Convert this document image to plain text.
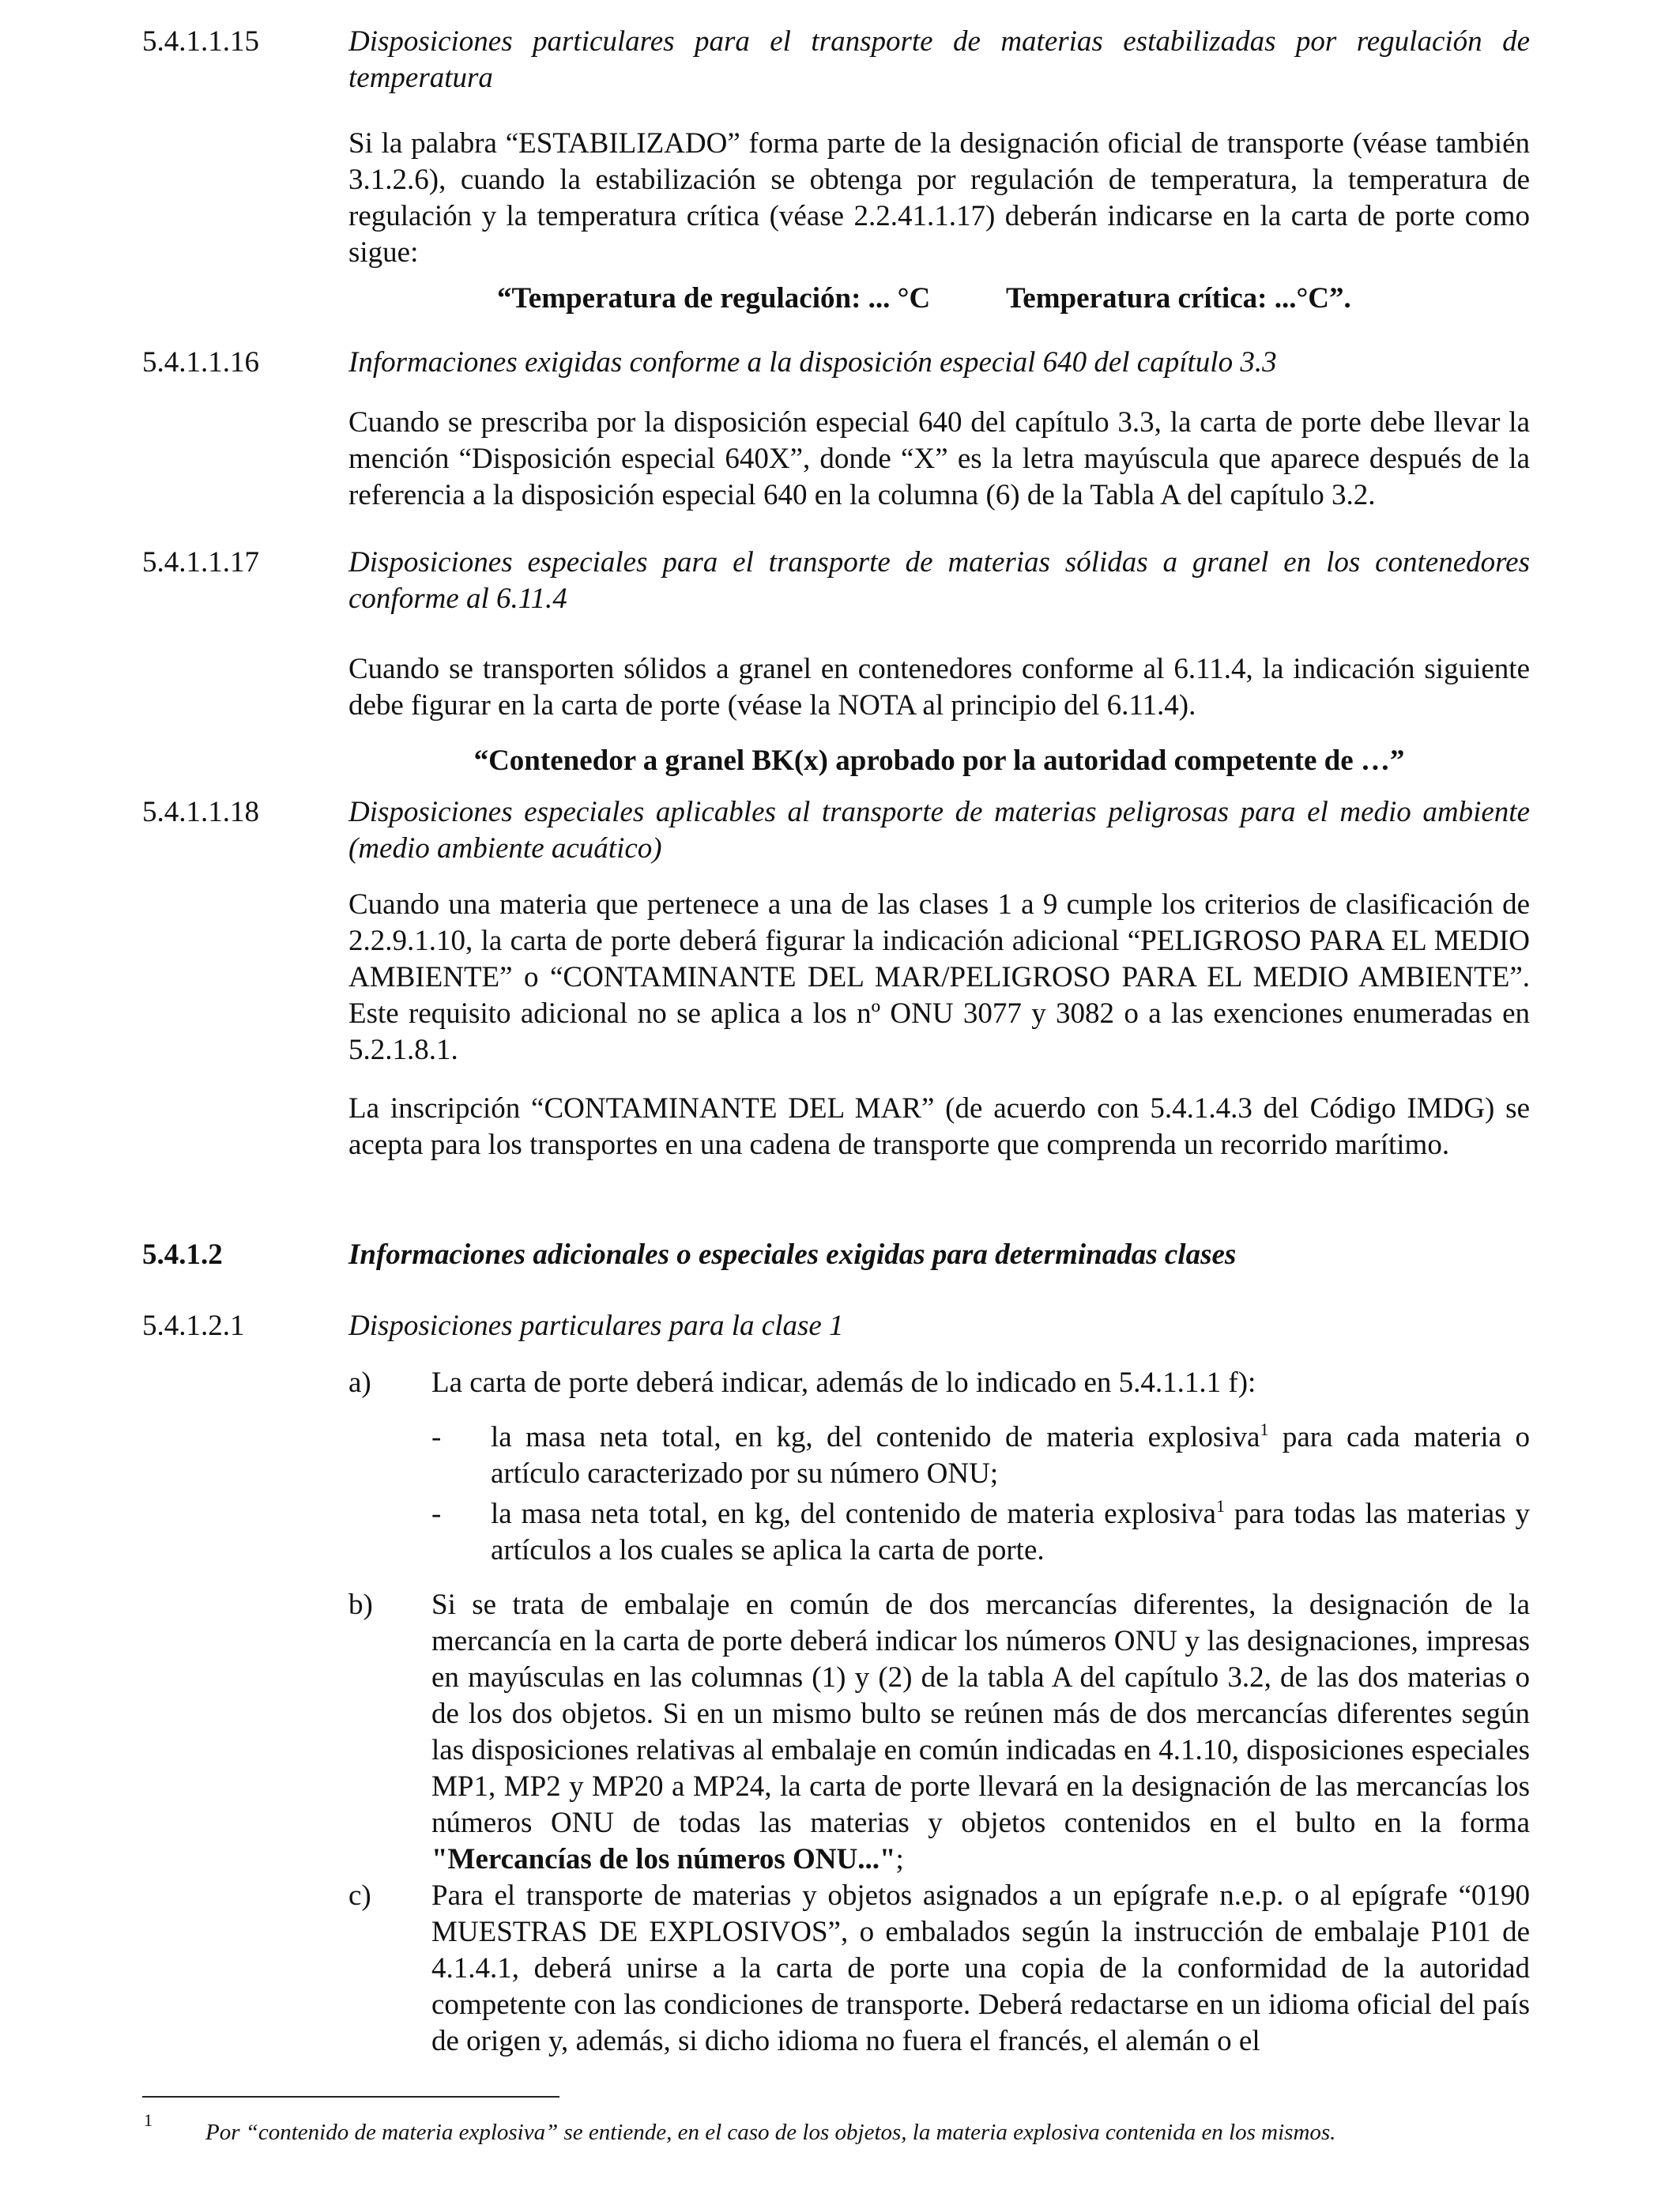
5.4.1.1.15	Disposiciones particulares para el transporte de materias estabilizadas por regulación de temperatura
Si la palabra “ESTABILIZADO” forma parte de la designación oficial de transporte (véase también 3.1.2.6), cuando la estabilización se obtenga por regulación de temperatura, la temperatura de regulación y la temperatura crítica (véase 2.2.41.1.17) deberán indicarse en la carta de porte como sigue:
“Temperatura de regulación: ... °C	Temperatura crítica: ...°C”.
5.4.1.1.16	Informaciones exigidas conforme a la disposición especial 640 del capítulo 3.3
Cuando se prescriba por la disposición especial 640 del capítulo 3.3, la carta de porte debe llevar la mención “Disposición especial 640X”, donde “X” es la letra mayúscula que aparece después de la referencia a la disposición especial 640 en la columna (6) de la Tabla A del capítulo 3.2.
5.4.1.1.17	Disposiciones especiales para el transporte de materias sólidas a granel en los contenedores conforme al 6.11.4
Cuando se transporten sólidos a granel en contenedores conforme al 6.11.4, la indicación siguiente debe figurar en la carta de porte (véase la NOTA al principio del 6.11.4).
“Contenedor a granel BK(x) aprobado por la autoridad competente de …”
5.4.1.1.18	Disposiciones especiales aplicables al transporte de materias peligrosas para el medio ambiente (medio ambiente acuático)
Cuando una materia que pertenece a una de las clases 1 a 9 cumple los criterios de clasificación de 2.2.9.1.10, la carta de porte deberá figurar la indicación adicional “PELIGROSO PARA EL MEDIO AMBIENTE” o “CONTAMINANTE DEL MAR/PELIGROSO PARA EL MEDIO AMBIENTE”. Este requisito adicional no se aplica a los nº ONU 3077 y 3082 o a las exenciones enumeradas en 5.2.1.8.1.
La inscripción “CONTAMINANTE DEL MAR” (de acuerdo con 5.4.1.4.3 del Código IMDG) se acepta para los transportes en una cadena de transporte que comprenda un recorrido marítimo.
5.4.1.2	Informaciones adicionales o especiales exigidas para determinadas clases
5.4.1.2.1	Disposiciones particulares para la clase 1
a) La carta de porte deberá indicar, además de lo indicado en 5.4.1.1.1 f):
- la masa neta total, en kg, del contenido de materia explosiva$^1$ para cada materia o artículo caracterizado por su número ONU;
- la masa neta total, en kg, del contenido de materia explosiva$^1$ para todas las materias y artículos a los cuales se aplica la carta de porte.
b) Si se trata de embalaje en común de dos mercancías diferentes, la designación de la mercancía en la carta de porte deberá indicar los números ONU y las designaciones, impresas en mayúsculas en las columnas (1) y (2) de la tabla A del capítulo 3.2, de las dos materias o de los dos objetos. Si en un mismo bulto se reúnen más de dos mercancías diferentes según las disposiciones relativas al embalaje en común indicadas en 4.1.10, disposiciones especiales MP1, MP2 y MP20 a MP24, la carta de porte llevará en la designación de las mercancías los números ONU de todas las materias y objetos contenidos en el bulto en la forma "Mercancías de los números ONU...";
c) Para el transporte de materias y objetos asignados a un epígrafe n.e.p. o al epígrafe “0190 MUESTRAS DE EXPLOSIVOS”, o embalados según la instrucción de embalaje P101 de 4.1.4.1, deberá unirse a la carta de porte una copia de la conformidad de la autoridad competente con las condiciones de transporte. Deberá redactarse en un idioma oficial del país de origen y, además, si dicho idioma no fuera el francés, el alemán o el
1 Por “contenido de materia explosiva” se entiende, en el caso de los objetos, la materia explosiva contenida en los mismos.
